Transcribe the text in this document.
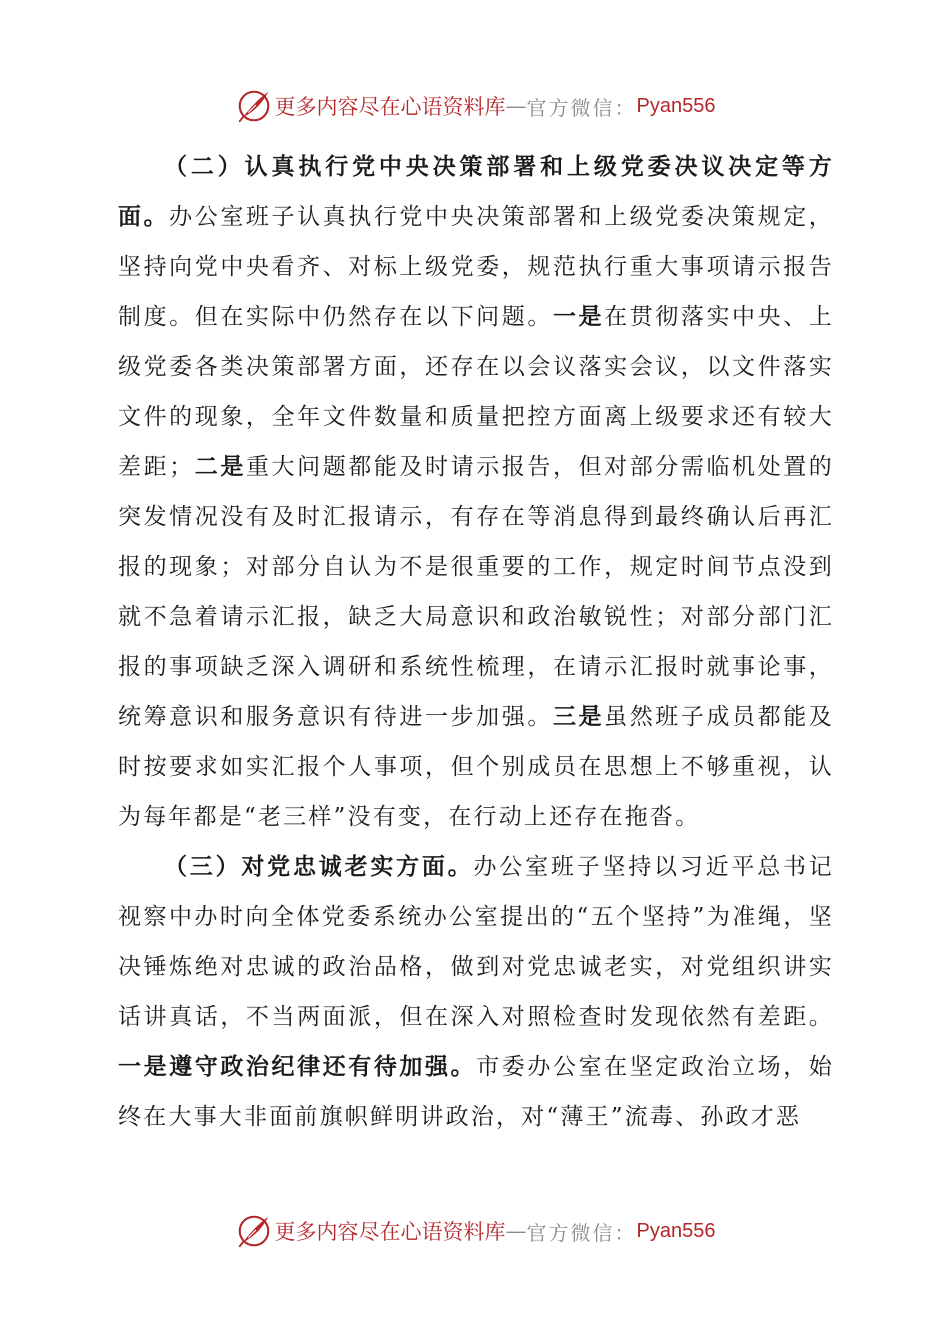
更多内容尽在心语资料库 — 官方微信： Pyan556

（二）认真执行党中央决策部署和上级党委决议决定等方面。办公室班子认真执行党中央决策部署和上级党委决策规定，坚持向党中央看齐、对标上级党委，规范执行重大事项请示报告制度。但在实际中仍然存在以下问题。一是在贯彻落实中央、上级党委各类决策部署方面，还存在以会议落实会议，以文件落实文件的现象，全年文件数量和质量把控方面离上级要求还有较大差距；二是重大问题都能及时请示报告，但对部分需临机处置的突发情况没有及时汇报请示，有存在等消息得到最终确认后再汇报的现象；对部分自认为不是很重要的工作，规定时间节点没到就不急着请示汇报，缺乏大局意识和政治敏锐性；对部分部门汇报的事项缺乏深入调研和系统性梳理，在请示汇报时就事论事，统筹意识和服务意识有待进一步加强。三是虽然班子成员都能及时按要求如实汇报个人事项，但个别成员在思想上不够重视，认为每年都是“老三样”没有变，在行动上还存在拖沓。

（三）对党忠诚老实方面。办公室班子坚持以习近平总书记视察中办时向全体党委系统办公室提出的“五个坚持”为准绳，坚决锤炼绝对忠诚的政治品格，做到对党忠诚老实，对党组织讲实话讲真话，不当两面派，但在深入对照检查时发现依然有差距。一是遵守政治纪律还有待加强。市委办公室在坚定政治立场，始终在大事大非面前旗帜鲜明讲政治，对“薄王”流毒、孙政才恶

更多内容尽在心语资料库 — 官方微信： Pyan556
